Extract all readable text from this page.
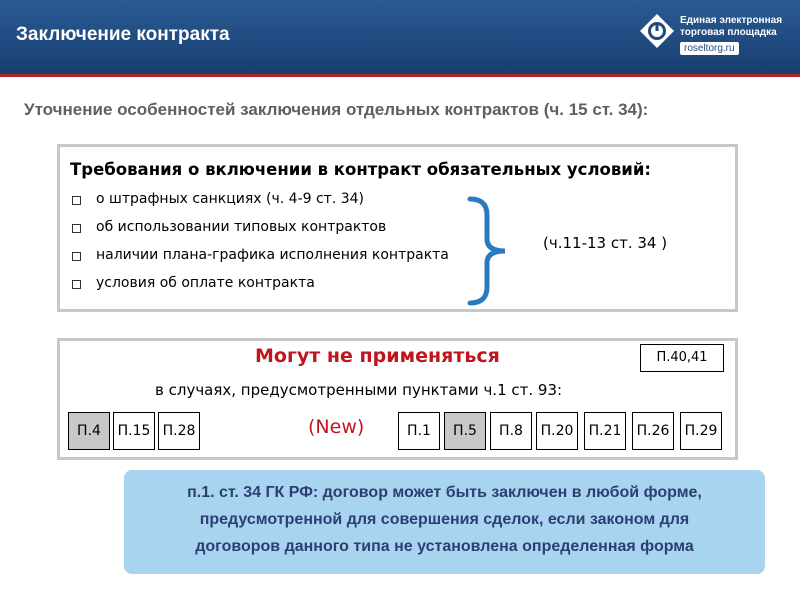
Заключение контракта
Единая электронная
торговая площадка
roseltorg.ru
Уточнение особенностей заключения отдельных контрактов (ч. 15 ст. 34):
Требования о включении в контракт обязательных условий:
о штрафных санкциях (ч. 4-9 ст. 34)
об использовании типовых контрактов
наличии плана-графика исполнения контракта
условия об оплате контракта
(ч.11-13 ст. 34 )
Могут не применяться	П.40,41
в случаях, предусмотренными пунктами ч.1 ст. 93:
П.4	П.15 П.28	(New)	П.1	П.5	П.8	П.20	П.21	П.26	П.29
п.1. ст. 34 ГК РФ: договор может быть заключен в любой форме,
предусмотренной для совершения сделок, если законом для
договоров данного типа не установлена определенная форма
